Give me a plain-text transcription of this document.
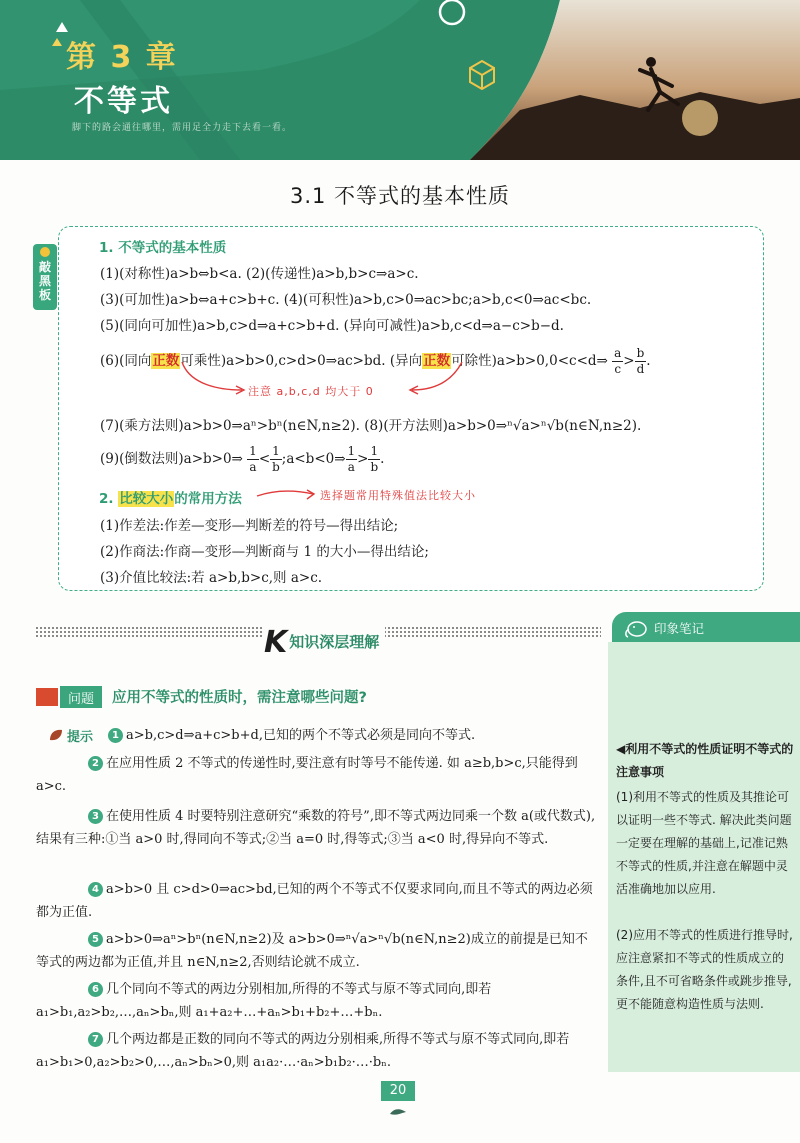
第 3 章
不等式
脚下的路会通往哪里，需用足全力走下去看一看。
3.1 不等式的基本性质
敲黑板
1. 不等式的基本性质
(1)(对称性)a>b⇔b<a. (2)(传递性)a>b,b>c⇒a>c.
(3)(可加性)a>b⇔a+c>b+c. (4)(可积性)a>b,c>0⇒ac>bc;a>b,c<0⇒ac<bc.
(5)(同向可加性)a>b,c>d⇒a+c>b+d. (异向可减性)a>b,c<d⇒a−c>b−d.
(6)(同向正数可乘性)a>b>0,c>d>0⇒ac>bd. (异向正数可除性)a>b>0,0<c<d⇒ $\frac{a}{c} > \frac{b}{d}$ .
注意 a,b,c,d 均大于 0
(7)(乘方法则)a>b>0⇒aⁿ>bⁿ(n∈N,n≥2). (8)(开方法则)a>b>0⇒ⁿ√a>ⁿ√b(n∈N,n≥2).
(9)(倒数法则)a>b>0⇒ $\frac{1}{a} < \frac{1}{b}$ ;a<b<0⇒ $\frac{1}{a} > \frac{1}{b}$ .
2. 比较大小的常用方法	选择题常用特殊值法比较大小
(1)作差法:作差—变形—判断差的符号—得出结论;
(2)作商法:作商—变形—判断商与 1 的大小—得出结论;
(3)介值比较法:若 a>b,b>c,则 a>c.
K知识深层理解
印象笔记
◀利用不等式的性质证明不等式的注意事项
(1)利用不等式的性质及其推论可以证明一些不等式. 解决此类问题一定要在理解的基础上,记准记熟不等式的性质,并注意在解题中灵活准确地加以应用.
(2)应用不等式的性质进行推导时,应注意紧扣不等式的性质成立的条件,且不可省略条件或跳步推导,更不能随意构造性质与法则.
问题	应用不等式的性质时，需注意哪些问题?
提示	1 a>b,c>d⇒a+c>b+d,已知的两个不等式必须是同向不等式.
2 在应用性质 2 不等式的传递性时,要注意有时等号不能传递. 如 a≥b,b>c,只能得到 a>c.
3 在使用性质 4 时要特别注意研究“乘数的符号”,即不等式两边同乘一个数 a(或代数式),结果有三种:①当 a>0 时,得同向不等式;②当 a=0 时,得等式;③当 a<0 时,得异向不等式.
4 a>b>0 且 c>d>0⇒ac>bd,已知的两个不等式不仅要求同向,而且不等式的两边必须都为正值.
5 a>b>0⇒aⁿ>bⁿ(n∈N,n≥2)及 a>b>0⇒ⁿ√a>ⁿ√b(n∈N,n≥2)成立的前提是已知不等式的两边都为正值,并且 n∈N,n≥2,否则结论就不成立.
6 几个同向不等式的两边分别相加,所得的不等式与原不等式同向,即若 a₁>b₁,a₂>b₂,…,aₙ>bₙ,则 a₁+a₂+…+aₙ>b₁+b₂+…+bₙ.
7 几个两边都是正数的同向不等式的两边分别相乘,所得不等式与原不等式同向,即若 a₁>b₁>0,a₂>b₂>0,…,aₙ>bₙ>0,则 a₁a₂·…·aₙ>b₁b₂·…·bₙ.
20
